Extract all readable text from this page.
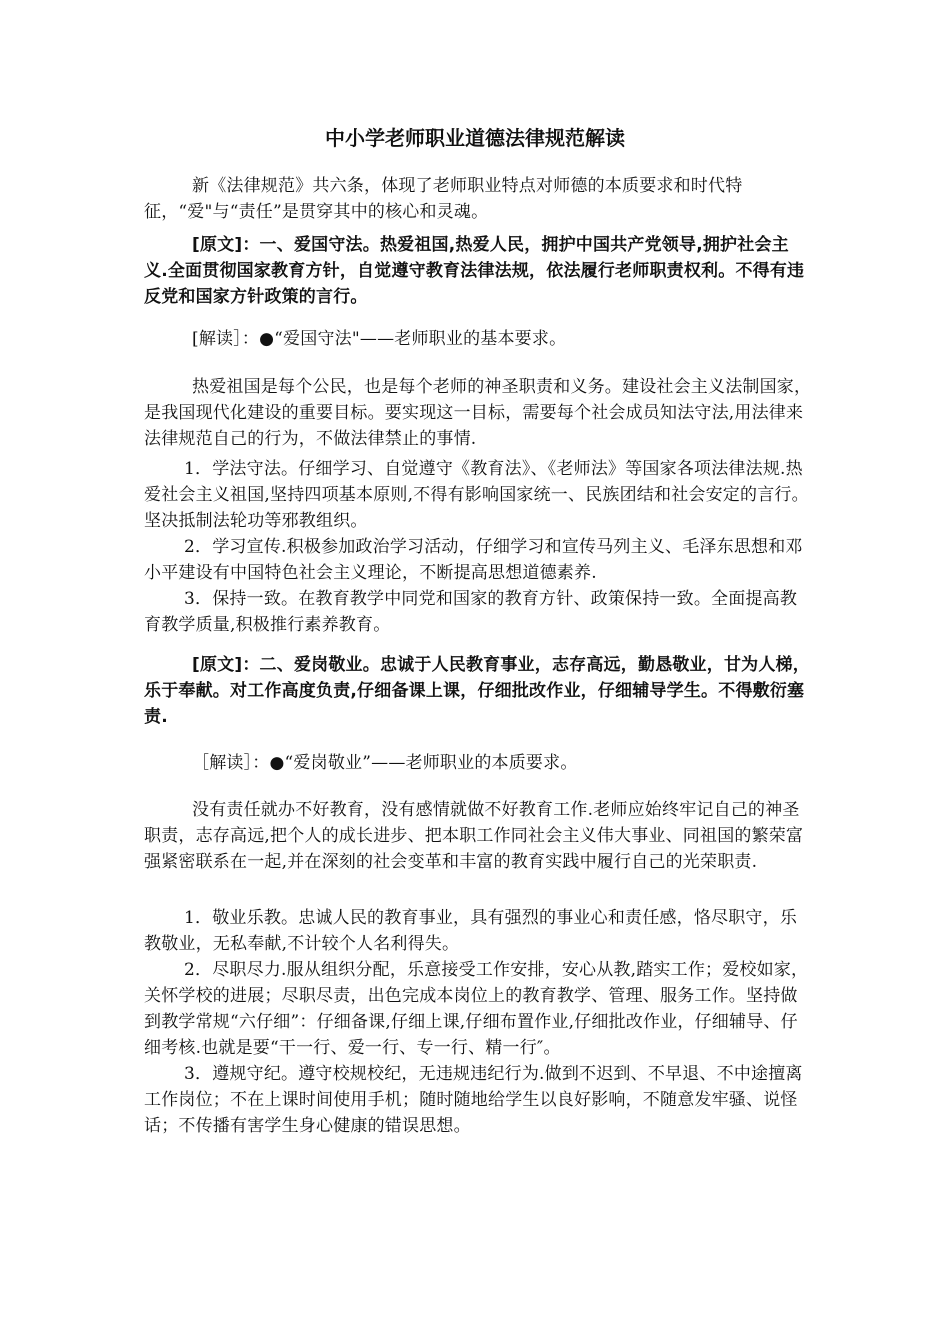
中小学老师职业道德法律规范解读

新《法律规范》共六条，体现了老师职业特点对师德的本质要求和时代特征，“爱"与“责任”是贯穿其中的核心和灵魂。

[原文]：一、爱国守法。热爱祖国,热爱人民，拥护中国共产党领导,拥护社会主义.全面贯彻国家教育方针，自觉遵守教育法律法规，依法履行老师职责权利。不得有违反党和国家方针政策的言行。

[解读］：●“爱国守法"——老师职业的基本要求。

热爱祖国是每个公民，也是每个老师的神圣职责和义务。建设社会主义法制国家，是我国现代化建设的重要目标。要实现这一目标，需要每个社会成员知法守法,用法律来法律规范自己的行为，不做法律禁止的事情.

1．学法守法。仔细学习、自觉遵守《教育法》、《老师法》等国家各项法律法规.热爱社会主义祖国,坚持四项基本原则,不得有影响国家统一、民族团结和社会安定的言行。坚决抵制法轮功等邪教组织。

2．学习宣传.积极参加政治学习活动，仔细学习和宣传马列主义、毛泽东思想和邓小平建设有中国特色社会主义理论，不断提高思想道德素养.

3．保持一致。在教育教学中同党和国家的教育方针、政策保持一致。全面提高教育教学质量,积极推行素养教育。

[原文]：二、爱岗敬业。忠诚于人民教育事业，志存高远，勤恳敬业，甘为人梯，乐于奉献。对工作高度负责,仔细备课上课，仔细批改作业，仔细辅导学生。不得敷衍塞责.

［解读］：●“爱岗敬业”——老师职业的本质要求。

没有责任就办不好教育，没有感情就做不好教育工作.老师应始终牢记自己的神圣职责，志存高远,把个人的成长进步、把本职工作同社会主义伟大事业、同祖国的繁荣富强紧密联系在一起,并在深刻的社会变革和丰富的教育实践中履行自己的光荣职责.

1．敬业乐教。忠诚人民的教育事业，具有强烈的事业心和责任感，恪尽职守，乐教敬业，无私奉献,不计较个人名利得失。

2．尽职尽力.服从组织分配，乐意接受工作安排，安心从教,踏实工作；爱校如家，关怀学校的进展；尽职尽责，出色完成本岗位上的教育教学、管理、服务工作。坚持做到教学常规“六仔细”：仔细备课,仔细上课,仔细布置作业,仔细批改作业，仔细辅导、仔细考核.也就是要“干一行、爱一行、专一行、精一行″。

3．遵规守纪。遵守校规校纪，无违规违纪行为.做到不迟到、不早退、不中途擅离工作岗位；不在上课时间使用手机；随时随地给学生以良好影响，不随意发牢骚、说怪话；不传播有害学生身心健康的错误思想。
